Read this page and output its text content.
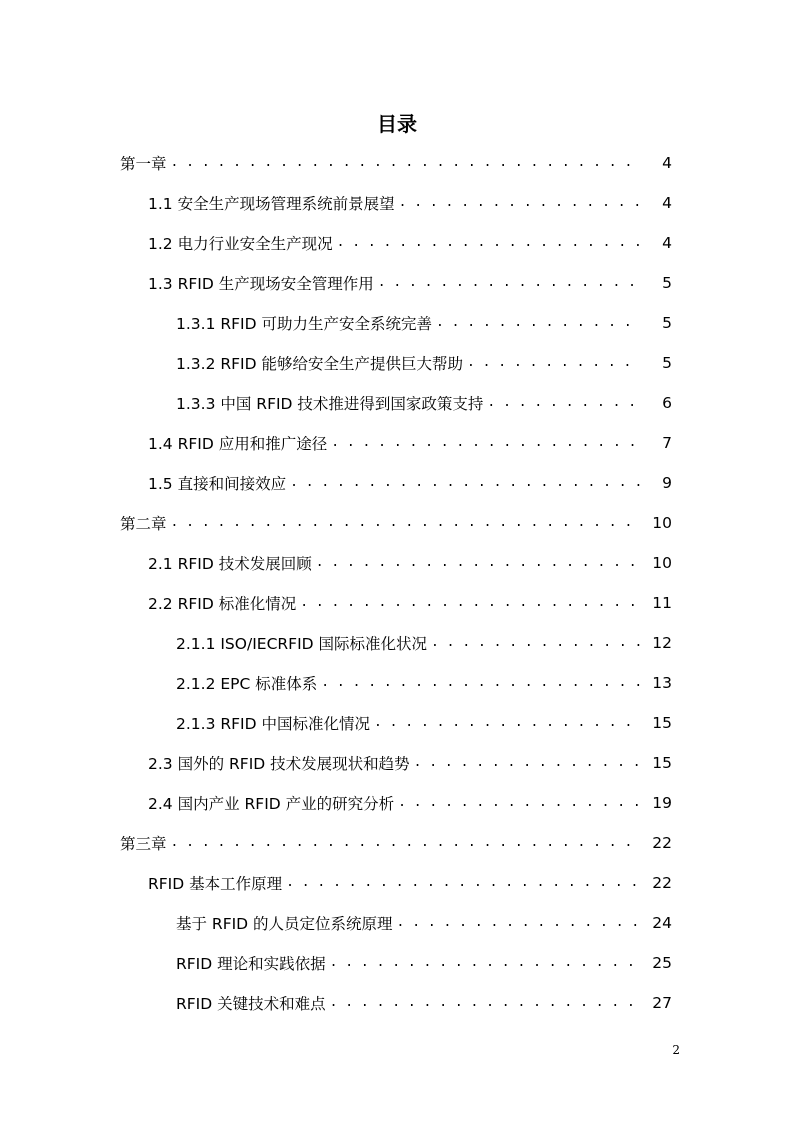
目录
第一章 . . .	4
1.1 安全生产现场管理系统前景展望 . . .	4
1.2 电力行业安全生产现况 . . .	4
1.3 RFID 生产现场安全管理作用 . . .	5
1.3.1 RFID 可助力生产安全系统完善 . . .	5
1.3.2 RFID 能够给安全生产提供巨大帮助 . . .	5
1.3.3 中国 RFID 技术推进得到国家政策支持 . . .	6
1.4 RFID 应用和推广途径 . . .	7
1.5 直接和间接效应 . . .	9
第二章 . . .	10
2.1 RFID 技术发展回顾 . . .	10
2.2 RFID 标准化情况 . . .	11
2.1.1 ISO/IECRFID 国际标准化状况 . . .	12
2.1.2 EPC 标准体系 . . .	13
2.1.3 RFID 中国标准化情况 . . .	15
2.3 国外的 RFID 技术发展现状和趋势 . . .	15
2.4 国内产业 RFID 产业的研究分析 . . .	19
第三章 . . .	22
RFID 基本工作原理 . . .	22
基于 RFID 的人员定位系统原理 . . .	24
RFID 理论和实践依据 . . .	25
RFID 关键技术和难点 . . .	27
2
